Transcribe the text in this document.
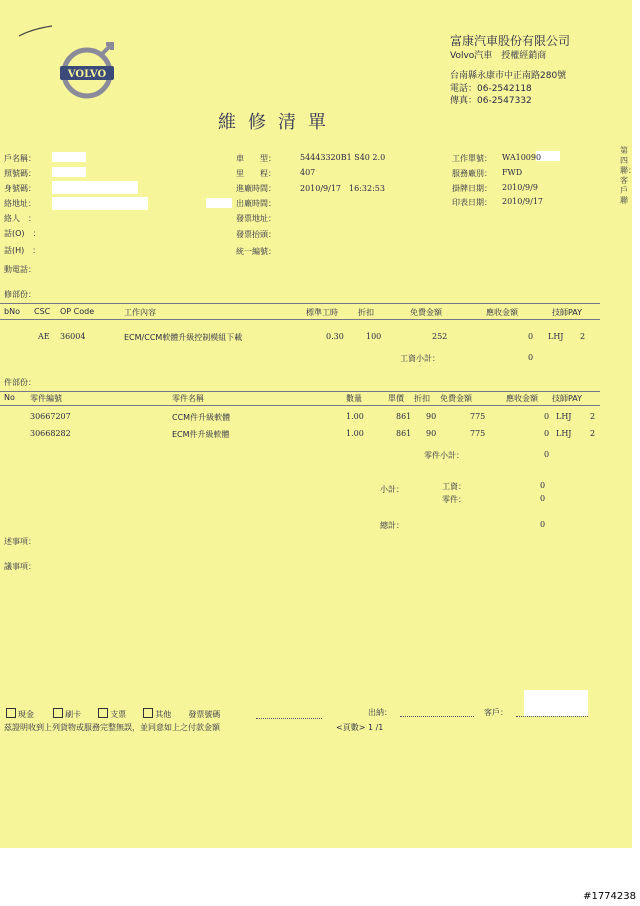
VOLVO
富康汽車股份有限公司
Volvo汽車　授權經銷商
台南縣永康市中正南路280號
電話：06-2542118
傳真：06-2547332
維修清單
第四聯：客戶聯
戶名稱：
照號碼：
身號碼：
絡地址：
絡人　：
話(O)　：
話(H)　：
動電話：
車　　型：	54443320B1 S40 2.0
里　　程：	407
進廠時間：	2010/9/17　16:32:53
出廠時間：
發票地址：
發票抬頭：
統一編號：
工作單號： WA10090
服務廠別： FWD
掛牌日期： 2010/9/9
印表日期： 2010/9/17
修部份：
bNo CSC OP Code	工作內容	標準工時	折扣	免費金額	應收金額	技師PAY
AE 36004	ECM/CCM軟體升級控制模組下載	0.30	100	252	0 LHJ 2
工資小計：	0
件部份：
No 零件編號	零件名稱	數量	單價 折扣 免費金額	應收金額 技師PAY
30667207	CCM件升級軟體	1.00	861 90	775	0 LHJ 2
30668282	ECM件升級軟體	1.00	861 90	775	0 LHJ 2
零件小計：	0
小計：	工資：	0
零件：	0
總計：	0
述事項：
議事項：
現金	刷卡	支票	其他 發票號碼	出納：	客戶：
茲證明收到上列貨物或服務完整無誤，並同意如上之付款金額	<頁數> 1 /1
#1774238
